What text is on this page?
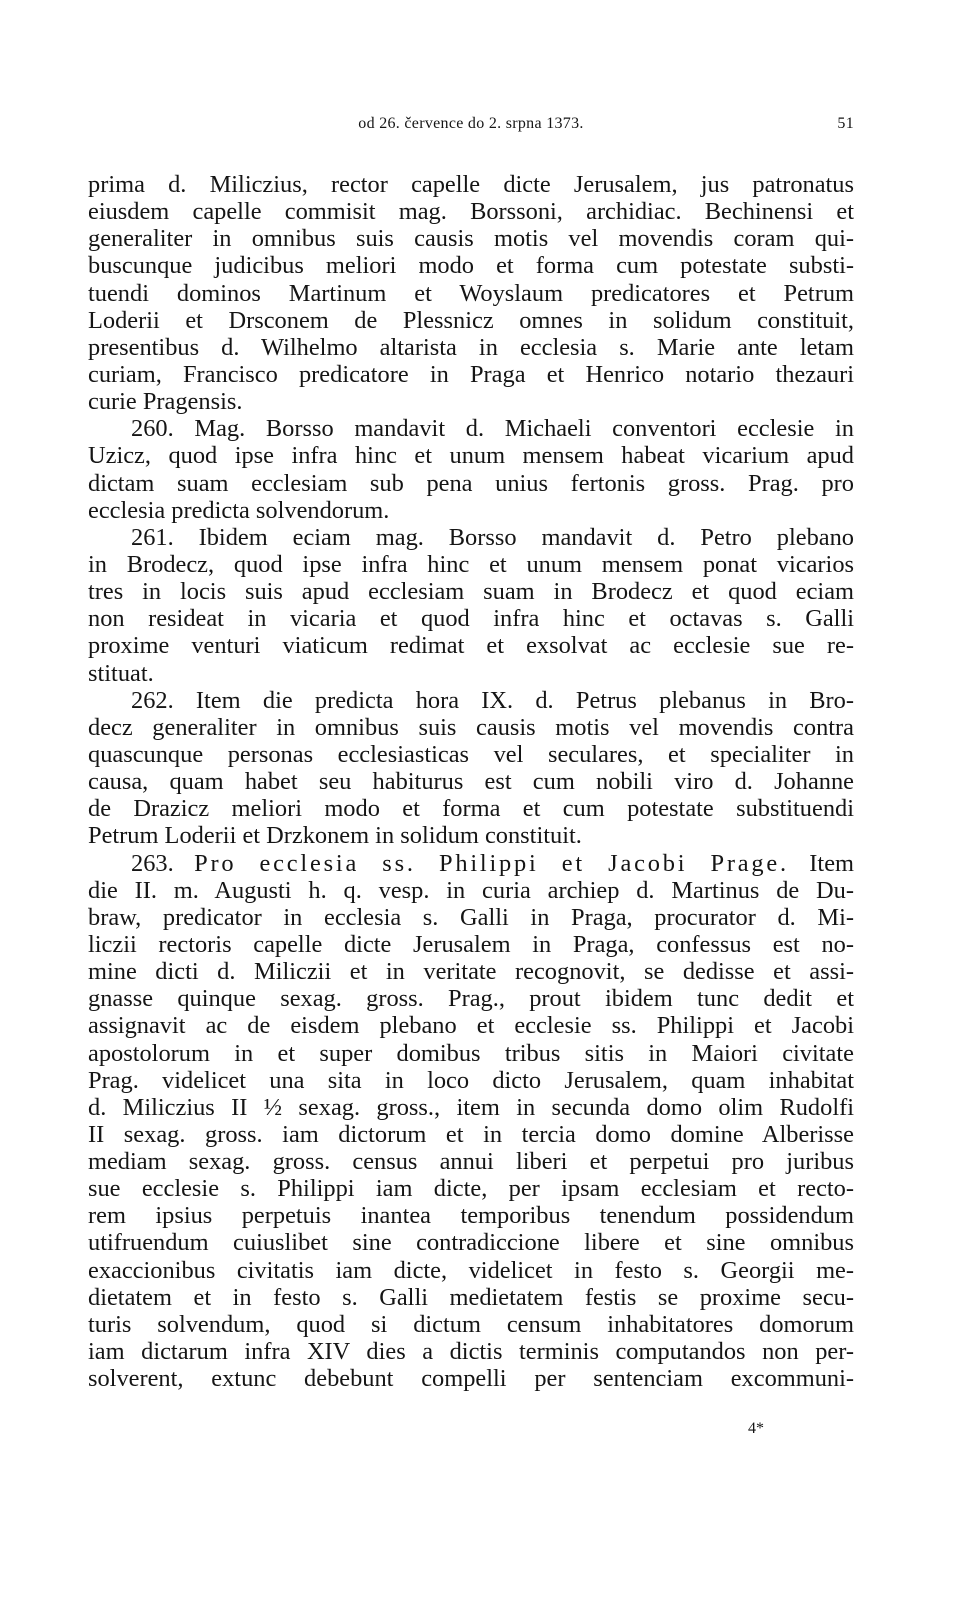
od 26. července do 2. srpna 1373.	51
prima d. Miliczius, rector capelle dicte Jerusalem, jus patronatus
eiusdem capelle commisit mag. Borssoni, archidiac. Bechinensi et
generaliter in omnibus suis causis motis vel movendis coram qui-
buscunque judicibus meliori modo et forma cum potestate substi-
tuendi dominos Martinum et Woyslaum predicatores et Petrum
Loderii et Drsconem de Plessnicz omnes in solidum constituit,
presentibus d. Wilhelmo altarista in ecclesia s. Marie ante letam
curiam, Francisco predicatore in Praga et Henrico notario thezauri
curie Pragensis.
260. Mag. Borsso mandavit d. Michaeli conventori ecclesie in
Uzicz, quod ipse infra hinc et unum mensem habeat vicarium apud
dictam suam ecclesiam sub pena unius fertonis gross. Prag. pro
ecclesia predicta solvendorum.
261. Ibidem eciam mag. Borsso mandavit d. Petro plebano
in Brodecz, quod ipse infra hinc et unum mensem ponat vicarios
tres in locis suis apud ecclesiam suam in Brodecz et quod eciam
non resideat in vicaria et quod infra hinc et octavas s. Galli
proxime venturi viaticum redimat et exsolvat ac ecclesie sue re-
stituat.
262. Item die predicta hora IX. d. Petrus plebanus in Bro-
decz generaliter in omnibus suis causis motis vel movendis contra
quascunque personas ecclesiasticas vel seculares, et specialiter in
causa, quam habet seu habiturus est cum nobili viro d. Johanne
de Drazicz meliori modo et forma et cum potestate substituendi
Petrum Loderii et Drzkonem in solidum constituit.
263. Pro ecclesia ss. Philippi et Jacobi Prage. Item
die II. m. Augusti h. q. vesp. in curia archiep d. Martinus de Du-
braw, predicator in ecclesia s. Galli in Praga, procurator d. Mi-
liczii rectoris capelle dicte Jerusalem in Praga, confessus est no-
mine dicti d. Miliczii et in veritate recognovit, se dedisse et assi-
gnasse quinque sexag. gross. Prag., prout ibidem tunc dedit et
assignavit ac de eisdem plebano et ecclesie ss. Philippi et Jacobi
apostolorum in et super domibus tribus sitis in Maiori civitate
Prag. videlicet una sita in loco dicto Jerusalem, quam inhabitat
d. Miliczius II ½ sexag. gross., item in secunda domo olim Rudolfi
II sexag. gross. iam dictorum et in tercia domo domine Alberisse
mediam sexag. gross. census annui liberi et perpetui pro juribus
sue ecclesie s. Philippi iam dicte, per ipsam ecclesiam et recto-
rem ipsius perpetuis inantea temporibus tenendum possidendum
utifruendum cuiuslibet sine contradiccione libere et sine omnibus
exaccionibus civitatis iam dicte, videlicet in festo s. Georgii me-
dietatem et in festo s. Galli medietatem festis se proxime secu-
turis solvendum, quod si dictum censum inhabitatores domorum
iam dictarum infra XIV dies a dictis terminis computandos non per-
solverent, extunc debebunt compelli per sentenciam excommuni-
4*
